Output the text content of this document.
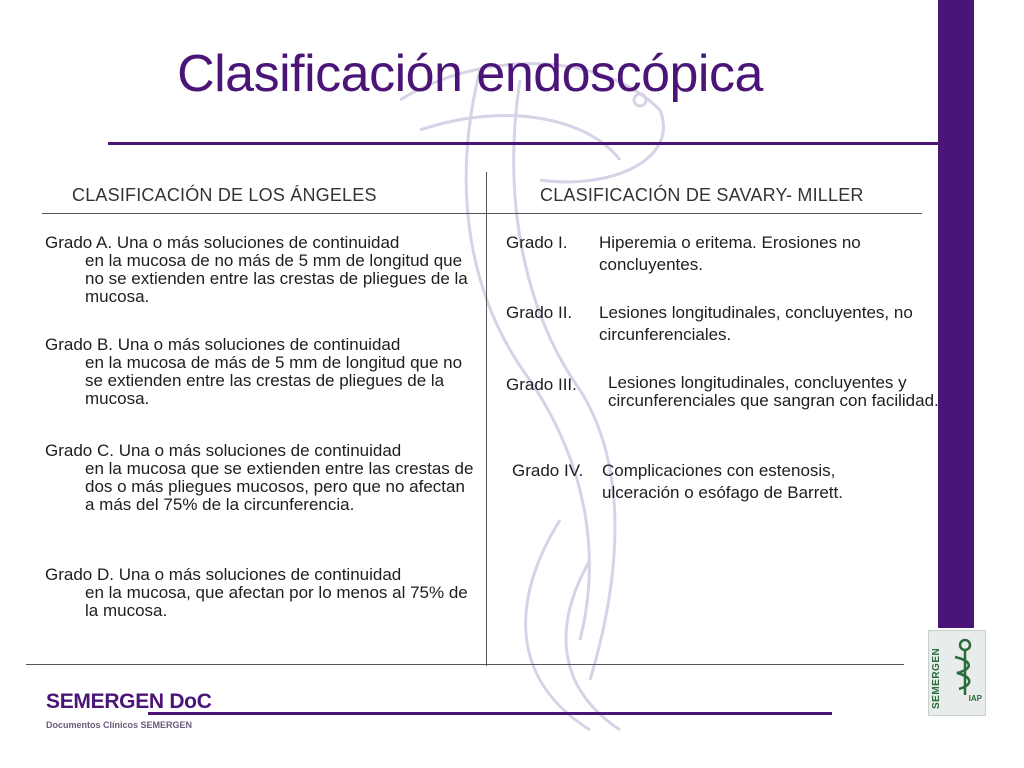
Clasificación endoscópica
CLASIFICACIÓN DE LOS ÁNGELES	CLASIFICACIÓN DE SAVARY- MILLER
Grado A. Una o más soluciones de continuidad
en la mucosa de no más de 5 mm de longitud que no se extienden entre las crestas de pliegues de la mucosa.
Grado B. Una o más soluciones de continuidad
en la mucosa de más de 5 mm de longitud que no se extienden entre las crestas de pliegues de la mucosa.
Grado C. Una o más soluciones de continuidad
en la mucosa que se extienden entre las crestas de dos o más pliegues mucosos, pero que no afectan a más del 75% de la circunferencia.
Grado D. Una o más soluciones de continuidad
en la mucosa, que afectan por lo menos al 75% de la mucosa.
Grado I. Hiperemia o eritema. Erosiones no concluyentes.
Grado II. Lesiones longitudinales, concluyentes, no circunferenciales.
Grado III. Lesiones longitudinales, concluyentes y circunferenciales que sangran con facilidad.
Grado IV. Complicaciones con estenosis, ulceración o esófago de Barrett.
SEMERGEN DoC
Documentos Clínicos SEMERGEN
SEMERGEN	IAP
